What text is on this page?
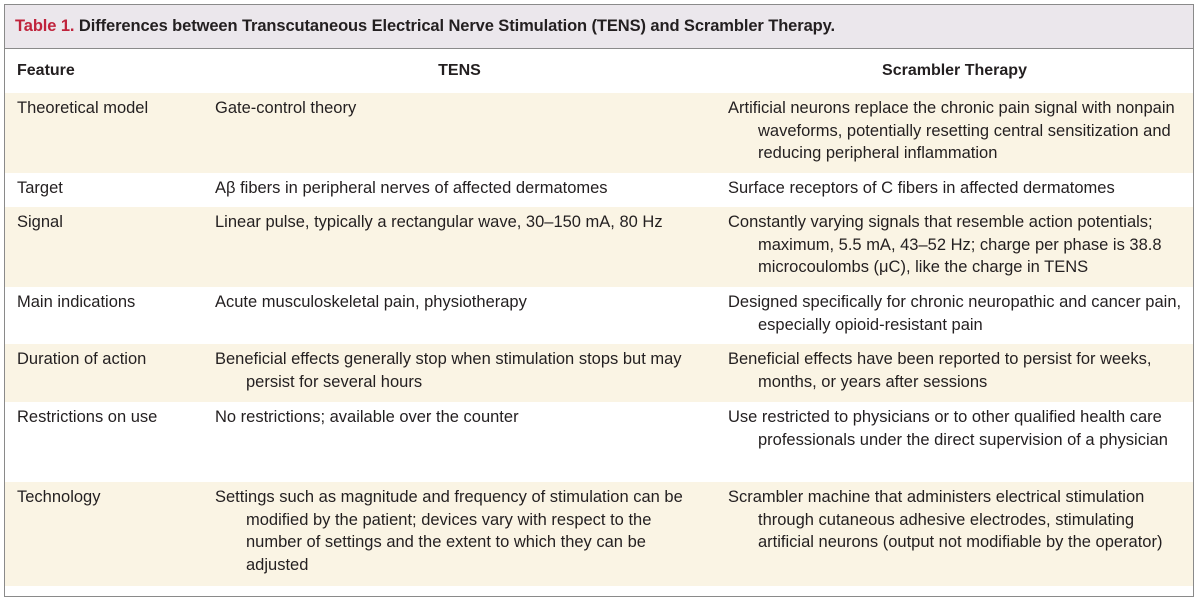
Table 1. Differences between Transcutaneous Electrical Nerve Stimulation (TENS) and Scrambler Therapy.
Feature	TENS	Scrambler Therapy
Theoretical model	Gate-control theory	Artificial neurons replace the chronic pain signal with nonpain waveforms, potentially resetting central sensitization and reducing peripheral inflammation

Target	Aβ fibers in peripheral nerves of affected dermatomes	Surface receptors of C fibers in affected dermatomes

Signal	Linear pulse, typically a rectangular wave, 30–150 mA, 80 Hz	Constantly varying signals that resemble action potentials; maximum, 5.5 mA, 43–52 Hz; charge per phase is 38.8 microcoulombs (μC), like the charge in TENS

Main indications	Acute musculoskeletal pain, physiotherapy	Designed specifically for chronic neuropathic and cancer pain, especially opioid-resistant pain

Duration of action	Beneficial effects generally stop when stimulation stops but may persist for several hours	Beneficial effects have been reported to persist for weeks, months, or years after sessions

Restrictions on use	No restrictions; available over the counter	Use restricted to physicians or to other qualified health care professionals under the direct supervision of a physician

Technology	Settings such as magnitude and frequency of stimulation can be modified by the patient; devices vary with respect to the number of settings and the extent to which they can be adjusted	Scrambler machine that administers electrical stimulation through cutaneous adhesive electrodes, stimulating artificial neurons (output not modifiable by the operator)
